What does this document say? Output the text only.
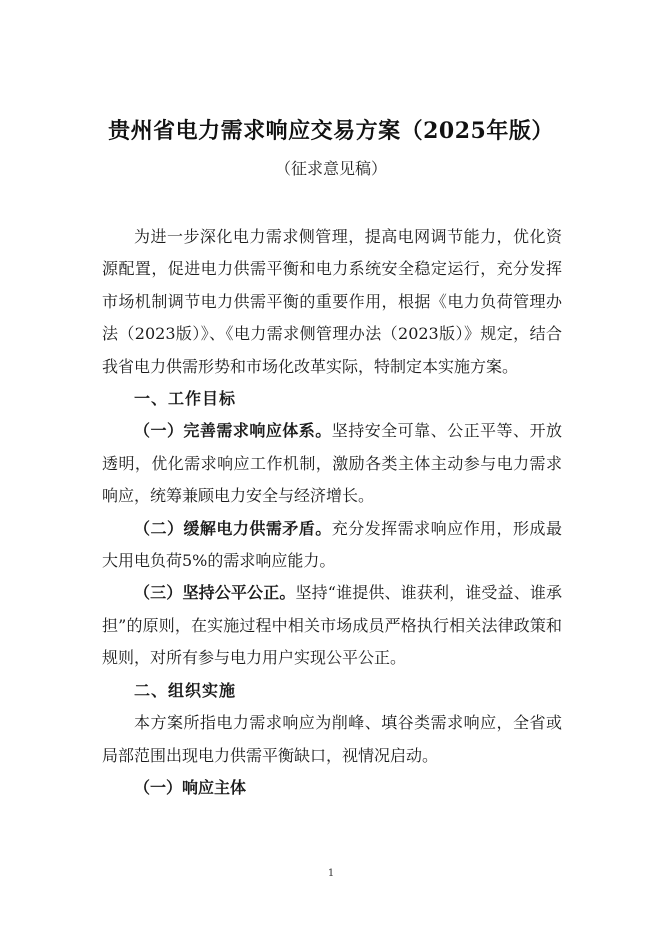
贵州省电力需求响应交易方案（2025年版）
（征求意见稿）

为进一步深化电力需求侧管理，提高电网调节能力，优化资源配置，促进电力供需平衡和电力系统安全稳定运行，充分发挥市场机制调节电力供需平衡的重要作用，根据《电力负荷管理办法（2023版）》、《电力需求侧管理办法（2023版）》规定，结合我省电力供需形势和市场化改革实际，特制定本实施方案。

一、工作目标

（一）完善需求响应体系。坚持安全可靠、公正平等、开放透明，优化需求响应工作机制，激励各类主体主动参与电力需求响应，统筹兼顾电力安全与经济增长。

（二）缓解电力供需矛盾。充分发挥需求响应作用，形成最大用电负荷5%的需求响应能力。

（三）坚持公平公正。坚持“谁提供、谁获利，谁受益、谁承担”的原则，在实施过程中相关市场成员严格执行相关法律政策和规则，对所有参与电力用户实现公平公正。

二、组织实施

本方案所指电力需求响应为削峰、填谷类需求响应，全省或局部范围出现电力供需平衡缺口，视情况启动。

（一）响应主体

1
